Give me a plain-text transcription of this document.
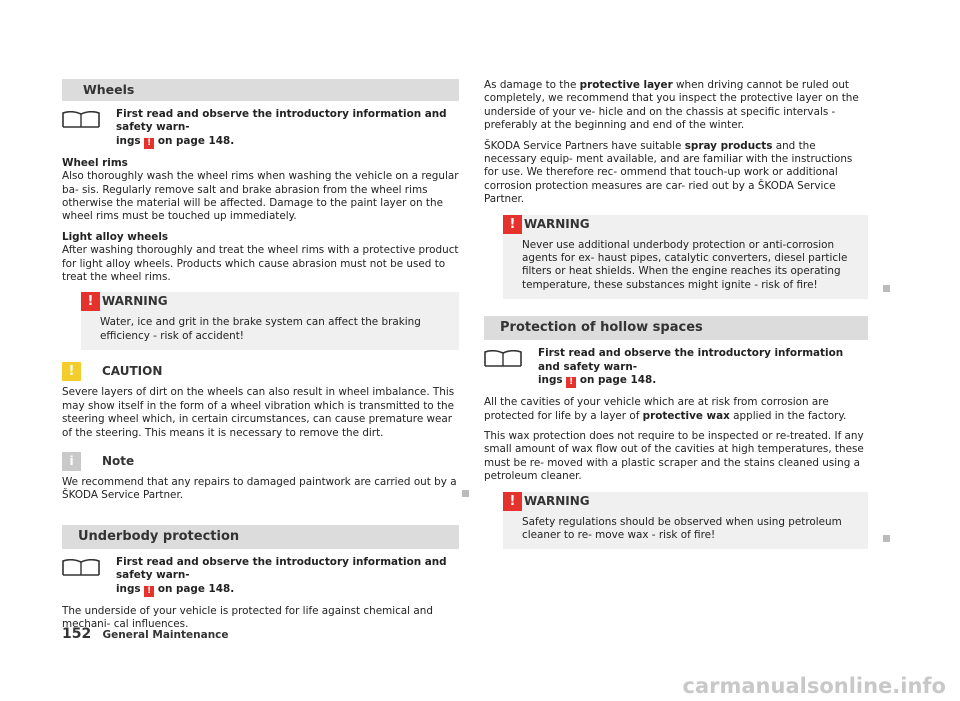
Wheels
First read and observe the introductory information and safety warn-
ings ! on page 148.

Wheel rims
Also thoroughly wash the wheel rims when washing the vehicle on a regular ba- sis. Regularly remove salt and brake abrasion from the wheel rims otherwise the material will be affected. Damage to the paint layer on the wheel rims must be touched up immediately.

Light alloy wheels
After washing thoroughly and treat the wheel rims with a protective product for light alloy wheels. Products which cause abrasion must not be used to treat the wheel rims.

! WARNING
Water, ice and grit in the brake system can affect the braking efficiency - risk of accident!
!	CAUTION
Severe layers of dirt on the wheels can also result in wheel imbalance. This may show itself in the form of a wheel vibration which is transmitted to the steering wheel which, in certain circumstances, can cause premature wear of the steering. This means it is necessary to remove the dirt.
i	Note
We recommend that any repairs to damaged paintwork are carried out by a ŠKODA Service Partner.
Underbody protection
First read and observe the introductory information and safety warn-
ings ! on page 148.

The underside of your vehicle is protected for life against chemical and mechani- cal influences.

As damage to the protective layer when driving cannot be ruled out completely, we recommend that you inspect the protective layer on the underside of your ve- hicle and on the chassis at specific intervals - preferably at the beginning and end of the winter.

ŠKODA Service Partners have suitable spray products and the necessary equip- ment available, and are familiar with the instructions for use. We therefore rec- ommend that touch-up work or additional corrosion protection measures are car- ried out by a ŠKODA Service Partner.

! WARNING
Never use additional underbody protection or anti-corrosion agents for ex- haust pipes, catalytic converters, diesel particle filters or heat shields. When the engine reaches its operating temperature, these substances might ignite - risk of fire!
Protection of hollow spaces
First read and observe the introductory information and safety warn-
ings ! on page 148.

All the cavities of your vehicle which are at risk from corrosion are protected for life by a layer of protective wax applied in the factory.

This wax protection does not require to be inspected or re-treated. If any small amount of wax flow out of the cavities at high temperatures, these must be re- moved with a plastic scraper and the stains cleaned using a petroleum cleaner.

! WARNING
Safety regulations should be observed when using petroleum cleaner to re- move wax - risk of fire!
152 General Maintenance
carmanualsonline.info
